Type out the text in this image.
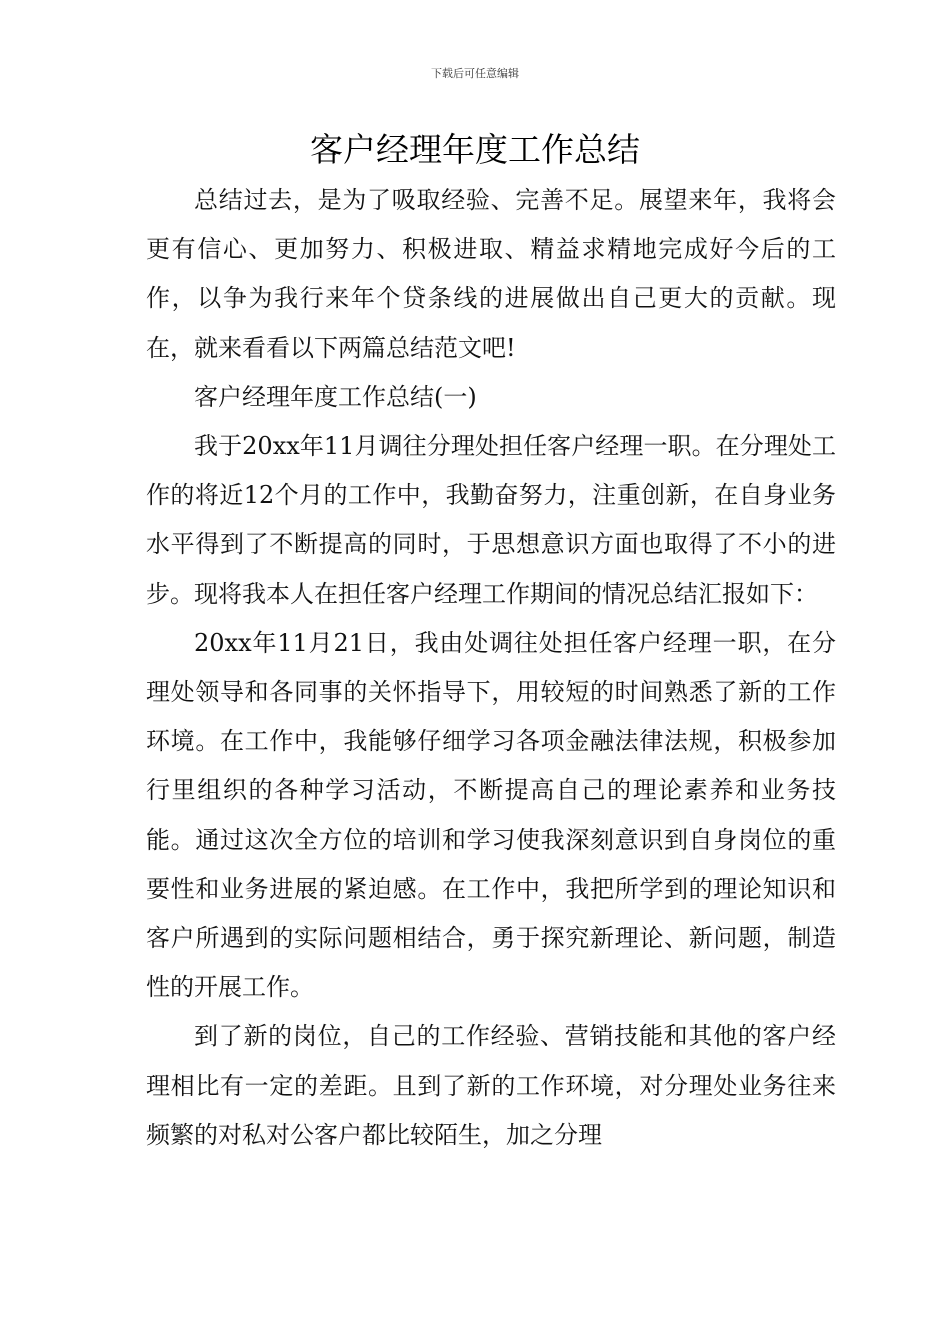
下载后可任意编辑
客户经理年度工作总结

总结过去，是为了吸取经验、完善不足。展望来年，我将会更有信心、更加努力、积极进取、精益求精地完成好今后的工作，以争为我行来年个贷条线的进展做出自己更大的贡献。现在，就来看看以下两篇总结范文吧!

客户经理年度工作总结(一)

我于20xx年11月调往分理处担任客户经理一职。在分理处工作的将近12个月的工作中，我勤奋努力，注重创新，在自身业务水平得到了不断提高的同时，于思想意识方面也取得了不小的进步。现将我本人在担任客户经理工作期间的情况总结汇报如下：

20xx年11月21日，我由处调往处担任客户经理一职，在分理处领导和各同事的关怀指导下，用较短的时间熟悉了新的工作环境。在工作中，我能够仔细学习各项金融法律法规，积极参加行里组织的各种学习活动，不断提高自己的理论素养和业务技能。通过这次全方位的培训和学习使我深刻意识到自身岗位的重要性和业务进展的紧迫感。在工作中，我把所学到的理论知识和客户所遇到的实际问题相结合，勇于探究新理论、新问题，制造性的开展工作。

到了新的岗位，自己的工作经验、营销技能和其他的客户经理相比有一定的差距。且到了新的工作环境，对分理处业务往来频繁的对私对公客户都比较陌生，加之分理
